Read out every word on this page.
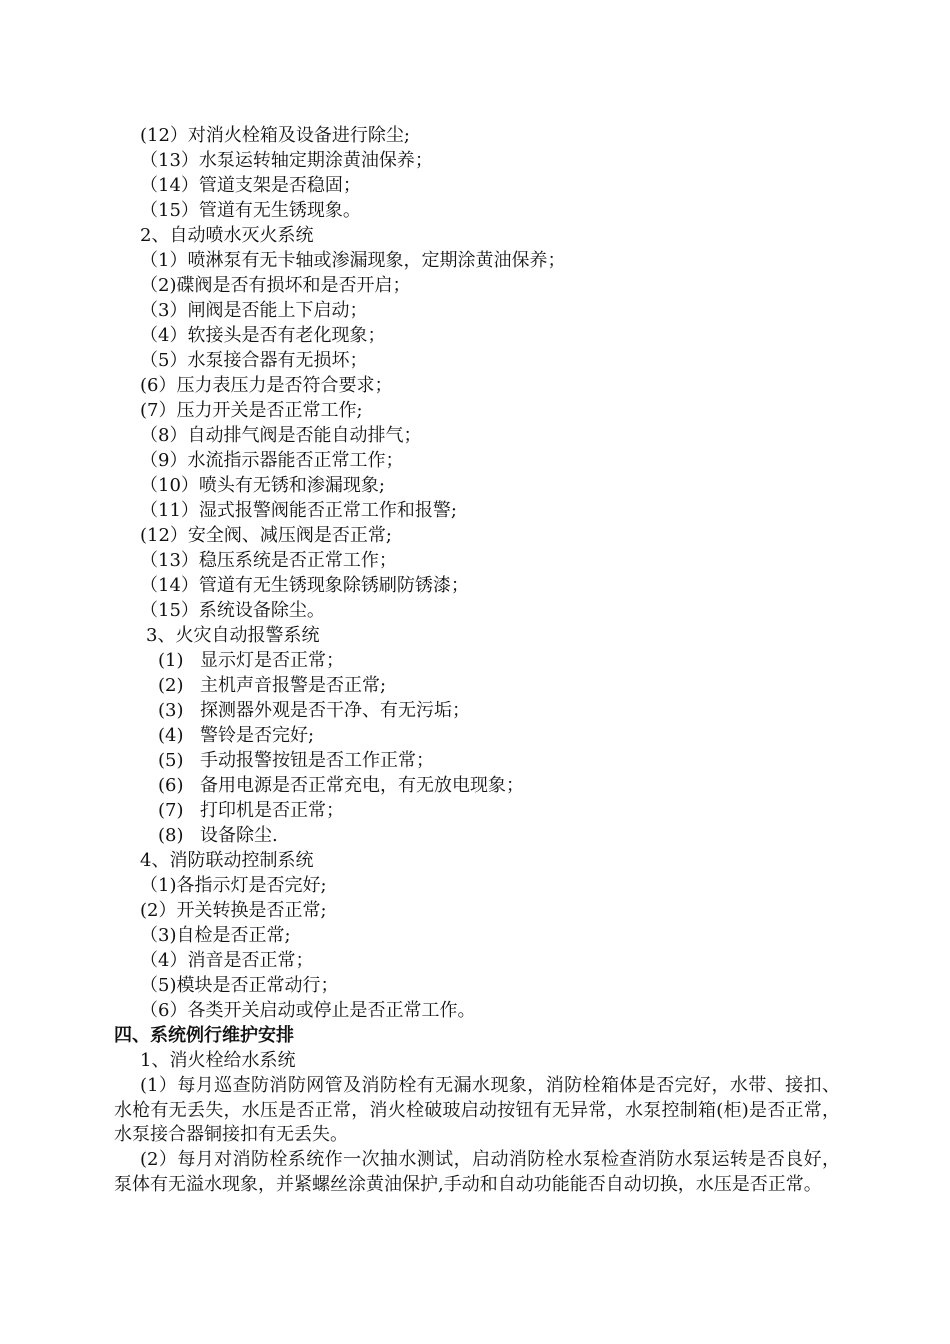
(12）对消火栓箱及设备进行除尘;
（13）水泵运转轴定期涂黄油保养；
（14）管道支架是否稳固；
（15）管道有无生锈现象。
2、自动喷水灭火系统
（1）喷淋泵有无卡轴或渗漏现象，定期涂黄油保养；
（2)碟阀是否有损坏和是否开启；
（3）闸阀是否能上下启动；
（4）软接头是否有老化现象；
（5）水泵接合器有无损坏；
(6）压力表压力是否符合要求；
(7）压力开关是否正常工作;
（8）自动排气阀是否能自动排气；
（9）水流指示器能否正常工作；
（10）喷头有无锈和渗漏现象;
（11）湿式报警阀能否正常工作和报警;
(12）安全阀、减压阀是否正常;
（13）稳压系统是否正常工作；
（14）管道有无生锈现象除锈刷防锈漆；
（15）系统设备除尘。
3、火灾自动报警系统
(1) 显示灯是否正常；
(2) 主机声音报警是否正常;
(3) 探测器外观是否干净、有无污垢；
(4) 警铃是否完好;
(5) 手动报警按钮是否工作正常；
(6) 备用电源是否正常充电，有无放电现象；
(7) 打印机是否正常；
(8) 设备除尘.
4、消防联动控制系统
（1)各指示灯是否完好;
(2）开关转换是否正常;
（3)自检是否正常;
（4）消音是否正常；
（5)模块是否正常动行；
（6）各类开关启动或停止是否正常工作。
四、系统例行维护安排
1、消火栓给水系统
(1）每月巡查防消防网管及消防栓有无漏水现象，消防栓箱体是否完好，水带、接扣、水枪有无丢失，水压是否正常，消火栓破玻启动按钮有无异常，水泵控制箱(柜)是否正常，水泵接合器铜接扣有无丢失。
(2）每月对消防栓系统作一次抽水测试，启动消防栓水泵检查消防水泵运转是否良好，泵体有无溢水现象，并紧螺丝涂黄油保护,手动和自动功能能否自动切换，水压是否正常。
